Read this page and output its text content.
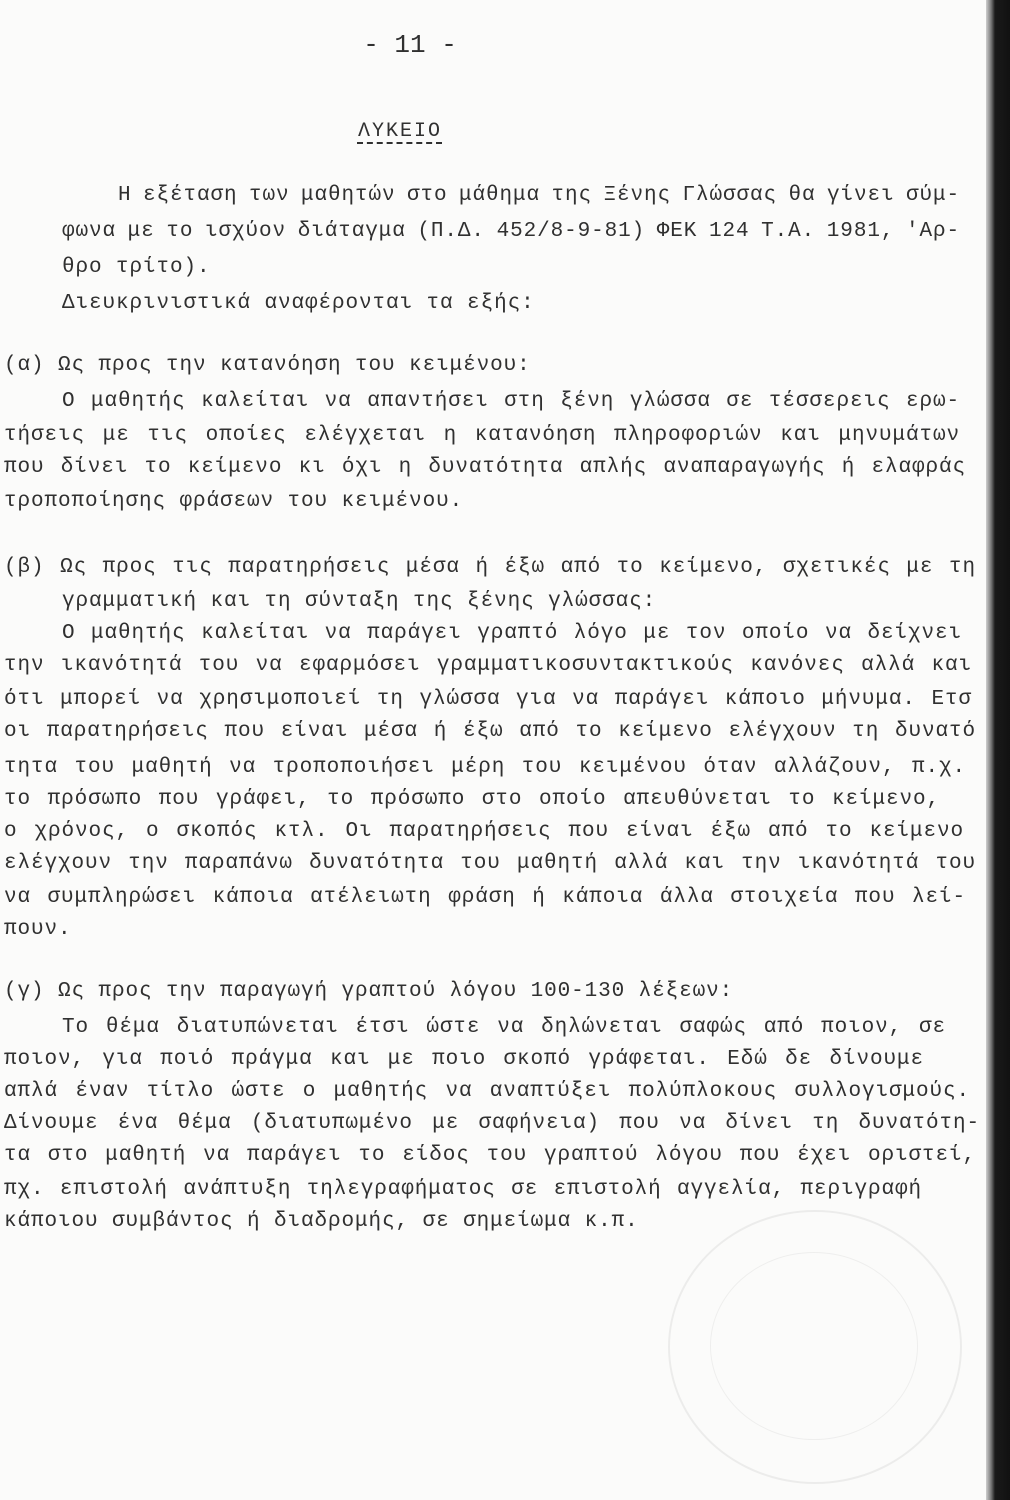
- 11 -
ΛΥΚΕΙΟ
Η εξέταση των μαθητών στο μάθημα της Ξένης Γλώσσας θα γίνει σύμ-
φωνα με το ισχύον διάταγμα (Π.Δ. 452/8-9-81) ΦΕΚ 124 Τ.Α. 1981, 'Αρ-
θρο τρίτο).
Διευκρινιστικά αναφέρονται τα εξής:
(α) Ως προς την κατανόηση του κειμένου:
Ο μαθητής καλείται να απαντήσει στη ξένη γλώσσα σε τέσσερεις ερω-
τήσεις με τις οποίες ελέγχεται η κατανόηση πληροφοριών και μηνυμάτων
που δίνει το κείμενο κι όχι η δυνατότητα απλής αναπαραγωγής ή ελαφράς
τροποποίησης φράσεων του κειμένου.
(β) Ως προς τις παρατηρήσεις μέσα ή έξω από το κείμενο, σχετικές με τη
γραμματική και τη σύνταξη της ξένης γλώσσας:
Ο μαθητής καλείται να παράγει γραπτό λόγο με τον οποίο να δείχνει
την ικανότητά του να εφαρμόσει γραμματικοσυντακτικούς κανόνες αλλά και
ότι μπορεί να χρησιμοποιεί τη γλώσσα για να παράγει κάποιο μήνυμα. Ετσ
οι παρατηρήσεις που είναι μέσα ή έξω από το κείμενο ελέγχουν τη δυνατό
τητα του μαθητή να τροποποιήσει μέρη του κειμένου όταν αλλάζουν, π.χ.
το πρόσωπο που γράφει, το πρόσωπο στο οποίο απευθύνεται το κείμενο,
ο χρόνος, ο σκοπός κτλ. Οι παρατηρήσεις που είναι έξω από το κείμενο
ελέγχουν την παραπάνω δυνατότητα του μαθητή αλλά και την ικανότητά του
να συμπληρώσει κάποια ατέλειωτη φράση ή κάποια άλλα στοιχεία που λεί-
πουν.
(γ) Ως προς την παραγωγή γραπτού λόγου 100-130 λέξεων:
Το θέμα διατυπώνεται έτσι ώστε να δηλώνεται σαφώς από ποιον, σε
ποιον, για ποιό πράγμα και με ποιο σκοπό γράφεται. Εδώ δε δίνουμε
απλά έναν τίτλο ώστε ο μαθητής να αναπτύξει πολύπλοκους συλλογισμούς.
Δίνουμε ένα θέμα (διατυπωμένο με σαφήνεια) που να δίνει τη δυνατότη-
τα στο μαθητή να παράγει το είδος του γραπτού λόγου που έχει οριστεί,
πχ. επιστολή ανάπτυξη τηλεγραφήματος σε επιστολή αγγελία, περιγραφή
κάποιου συμβάντος ή διαδρομής, σε σημείωμα κ.π.
